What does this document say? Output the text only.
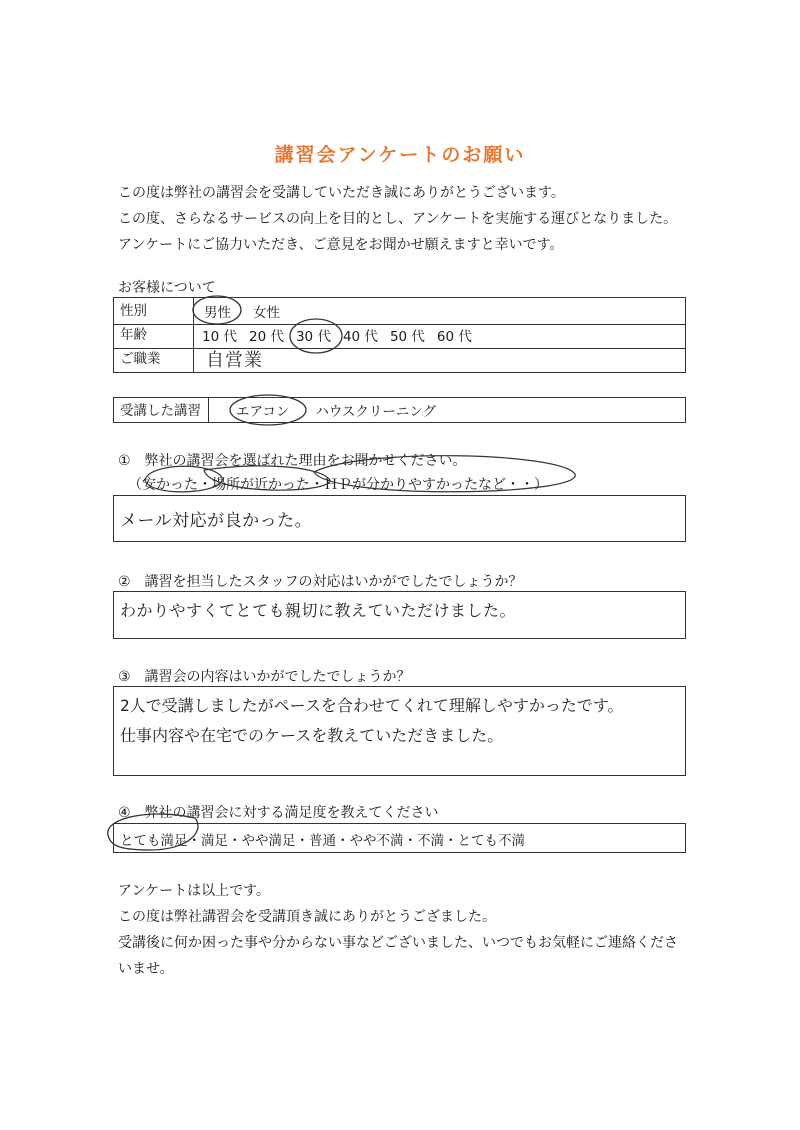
講習会アンケートのお願い
この度は弊社の講習会を受講していただき誠にありがとうございます。
この度、さらなるサービスの向上を目的とし、アンケートを実施する運びとなりました。
アンケートにご協力いただき、ご意見をお聞かせ願えますと幸いです。
お客様について
性別	男性 女性
年齢	10 代 20 代 30 代 40 代 50 代 60 代
ご職業	自営業
受講した講習	エアコン ハウスクリーニング
①　弊社の講習会を選ばれた理由をお聞かせください。
（安かった・場所が近かった・ＨＰが分かりやすかったなど・・）
メール対応が良かった。
②　講習を担当したスタッフの対応はいかがでしたでしょうか？
わかりやすくてとても親切に教えていただけました。
③　講習会の内容はいかがでしたでしょうか？
2人で受講しましたがペースを合わせてくれて理解しやすかったです。
仕事内容や在宅でのケースを教えていただきました。
④　弊社の講習会に対する満足度を教えてください
とても満足・満足・やや満足・普通・やや不満・不満・とても不満
アンケートは以上です。
この度は弊社講習会を受講頂き誠にありがとうござました。
受講後に何か困った事や分からない事などございました、いつでもお気軽にご連絡くださ
いませ。
